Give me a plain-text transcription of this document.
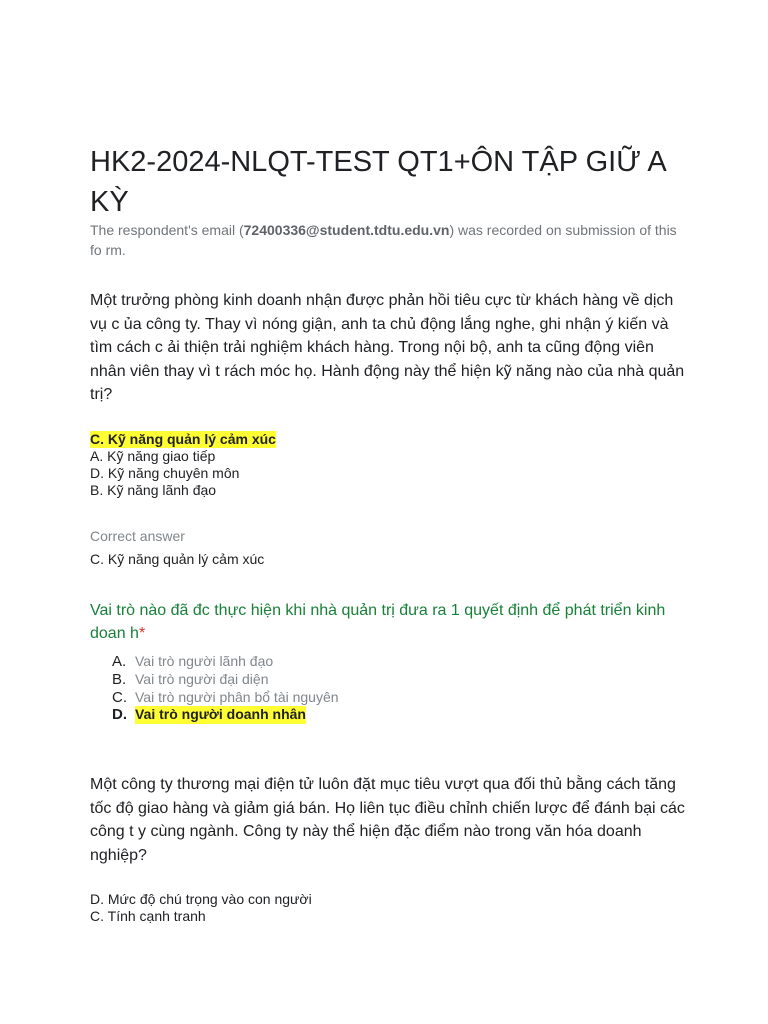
HK2-2024-NLQT-TEST QT1+ÔN TẬP GIỮ A KỲ
The respondent's email (72400336@student.tdtu.edu.vn) was recorded on submission of this fo rm.
Một trưởng phòng kinh doanh nhận được phản hồi tiêu cực từ khách hàng về dịch vụ c ủa công ty. Thay vì nóng giận, anh ta chủ động lắng nghe, ghi nhận ý kiến và tìm cách c ải thiện trải nghiệm khách hàng. Trong nội bộ, anh ta cũng động viên nhân viên thay vì t rách móc họ. Hành động này thể hiện kỹ năng nào của nhà quản trị?
C. Kỹ năng quản lý cảm xúc
A. Kỹ năng giao tiếp
D. Kỹ năng chuyên môn
B. Kỹ năng lãnh đạo
Correct answer
C. Kỹ năng quản lý cảm xúc
Vai trò nào đã đc thực hiện khi nhà quản trị đưa ra 1 quyết định để phát triển kinh doan h*
A. Vai trò người lãnh đạo
B. Vai trò người đại diện
C. Vai trò người phân bổ tài nguyên
D. Vai trò người doanh nhân
Một công ty thương mại điện tử luôn đặt mục tiêu vượt qua đối thủ bằng cách tăng tốc độ giao hàng và giảm giá bán. Họ liên tục điều chỉnh chiến lược để đánh bại các công t y cùng ngành. Công ty này thể hiện đặc điểm nào trong văn hóa doanh nghiệp?
D. Mức độ chú trọng vào con người
C. Tính cạnh tranh
